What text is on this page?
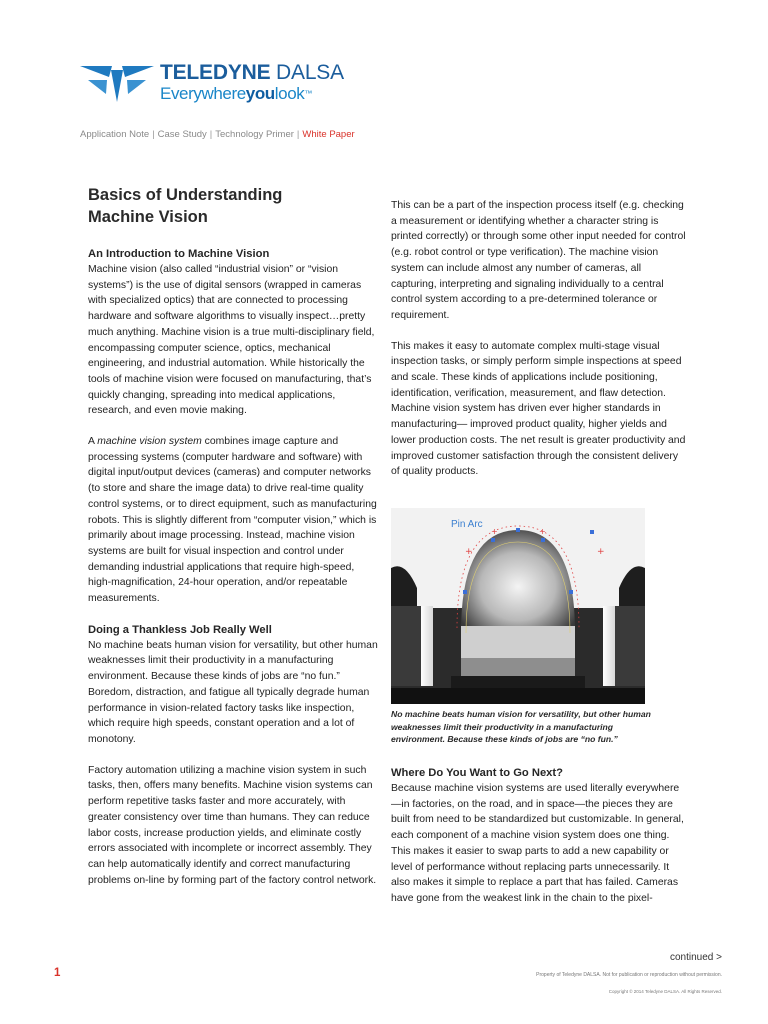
TELEDYNE DALSA

Everywhereyoulook™

Application Note | Case Study | Technology Primer | White Paper
Basics of Understanding
Machine Vision
An Introduction to Machine Vision

Machine vision (also called “industrial vision” or “vision systems”) is the use of digital sensors (wrapped in cameras with specialized optics) that are connected to processing hardware and software algorithms to visually inspect…pretty much anything. Machine vision is a true multi-disciplinary field, encompassing computer science, optics, mechanical engineering, and industrial automation. While historically the tools of machine vision were focused on manufacturing, that’s quickly changing, spreading into medical applications, research, and even movie making.

A machine vision system combines image capture and processing systems (computer hardware and software) with digital input/output devices (cameras) and computer networks (to store and share the image data) to drive real-time quality control systems, or to direct equipment, such as manufacturing robots. This is slightly different from “computer vision,” which is primarily about image processing. Instead, machine vision systems are built for visual inspection and control under demanding industrial applications that require high-speed, high-magnification, 24-hour operation, and/or repeatable measurements.

Doing a Thankless Job Really Well

No machine beats human vision for versatility, but other human weaknesses limit their productivity in a manufacturing environment. Because these kinds of jobs are “no fun.” Boredom, distraction, and fatigue all typically degrade human performance in vision-related factory tasks like inspection, which require high speeds, constant operation and a lot of monotony.

Factory automation utilizing a machine vision system in such tasks, then, offers many benefits. Machine vision systems can perform repetitive tasks faster and more accurately, with greater consistency over time than humans. They can reduce labor costs, increase production yields, and eliminate costly errors associated with incomplete or incorrect assembly. They can help automatically identify and correct manufacturing problems on-line by forming part of the factory control network.

This can be a part of the inspection process itself (e.g. checking a measurement or identifying whether a character string is printed correctly) or through some other input needed for control (e.g. robot control or type verification). The machine vision system can include almost any number of cameras, all capturing, interpreting and signaling individually to a central control system according to a pre-determined tolerance or requirement.

This makes it easy to automate complex multi-stage visual inspection tasks, or simply perform simple inspections at speed and scale. These kinds of applications include positioning, identification, verification, measurement, and flaw detection. Machine vision system has driven ever higher standards in manufacturing— improved product quality, higher yields and lower production costs. The net result is greater productivity and improved customer satisfaction through the consistent delivery of quality products.

+	+
+	+
Pin Arc
No machine beats human vision for versatility, but other human weaknesses limit their productivity in a manufacturing environment. Because these kinds of jobs are “no fun.”
Where Do You Want to Go Next?

Because machine vision systems are used literally everywhere—in factories, on the road, and in space—the pieces they are built from need to be standardized but customizable. In general, each component of a machine vision system does one thing. This makes it easier to swap parts to add a new capability or level of performance without replacing parts unnecessarily. It also makes it simple to replace a part that has failed. Cameras have gone from the weakest link in the chain to the pixel-

continued >
1	Property of Teledyne DALSA. Not for publication or reproduction without permission.
Copyright © 2014 Teledyne DALSA. All Rights Reserved.
